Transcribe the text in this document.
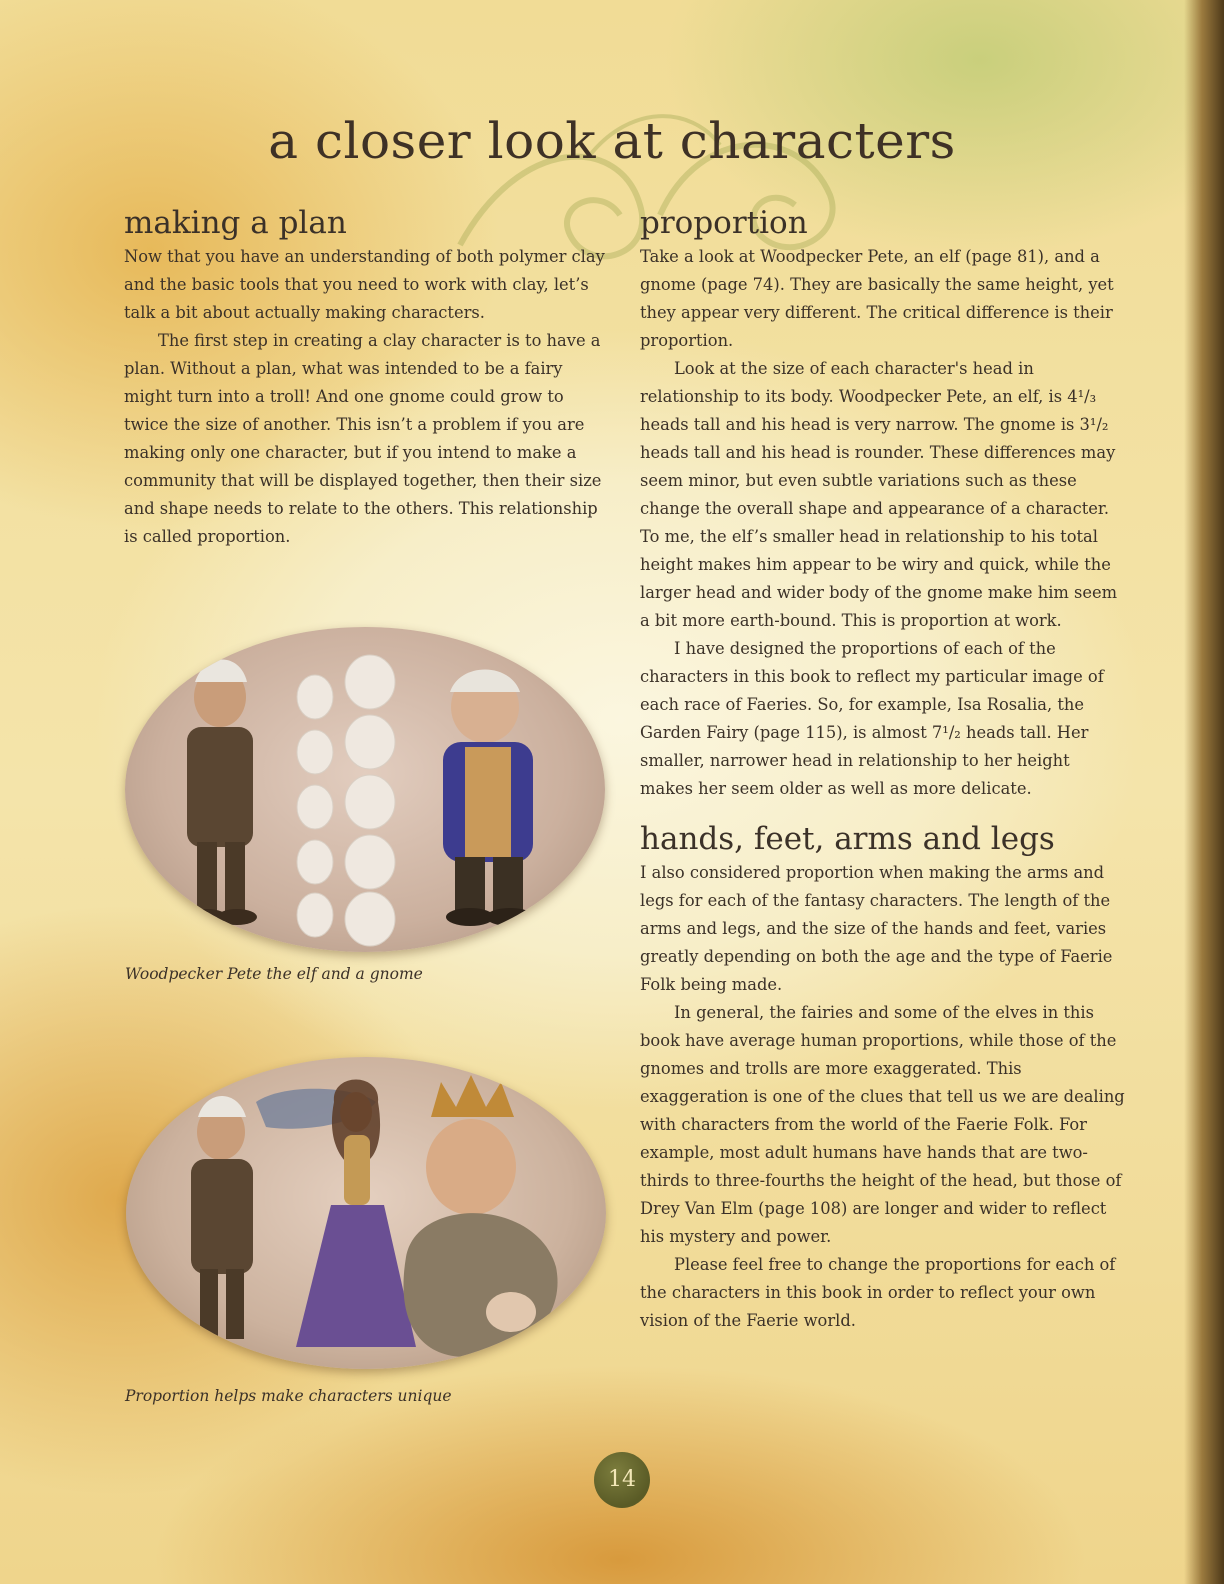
a closer look at characters
making a plan

Now that you have an understanding of both polymer clay and the basic tools that you need to work with clay, let’s talk a bit about actually making characters.

The first step in creating a clay character is to have a plan. Without a plan, what was intended to be a fairy might turn into a troll! And one gnome could grow to twice the size of another. This isn’t a problem if you are making only one character, but if you intend to make a community that will be displayed together, then their size and shape needs to relate to the others. This relationship is called proportion.

Woodpecker Pete the elf and a gnome
Proportion helps make characters unique
proportion

Take a look at Woodpecker Pete, an elf (page 81), and a gnome (page 74). They are basically the same height, yet they appear very different. The critical difference is their proportion.

Look at the size of each character's head in relationship to its body. Woodpecker Pete, an elf, is 4¹/₃ heads tall and his head is very narrow. The gnome is 3¹/₂ heads tall and his head is rounder. These differences may seem minor, but even subtle variations such as these change the overall shape and appearance of a character. To me, the elf’s smaller head in relationship to his total height makes him appear to be wiry and quick, while the larger head and wider body of the gnome make him seem a bit more earth-bound. This is proportion at work.

I have designed the proportions of each of the characters in this book to reflect my particular image of each race of Faeries. So, for example, Isa Rosalia, the Garden Fairy (page 115), is almost 7¹/₂ heads tall. Her smaller, narrower head in relationship to her height makes her seem older as well as more delicate.

hands, feet, arms and legs

I also considered proportion when making the arms and legs for each of the fantasy characters. The length of the arms and legs, and the size of the hands and feet, varies greatly depending on both the age and the type of Faerie Folk being made.

In general, the fairies and some of the elves in this book have average human proportions, while those of the gnomes and trolls are more exaggerated. This exaggeration is one of the clues that tell us we are dealing with characters from the world of the Faerie Folk. For example, most adult humans have hands that are two-thirds to three-fourths the height of the head, but those of Drey Van Elm (page 108) are longer and wider to reflect his mystery and power.

Please feel free to change the proportions for each of the characters in this book in order to reflect your own vision of the Faerie world.

14
